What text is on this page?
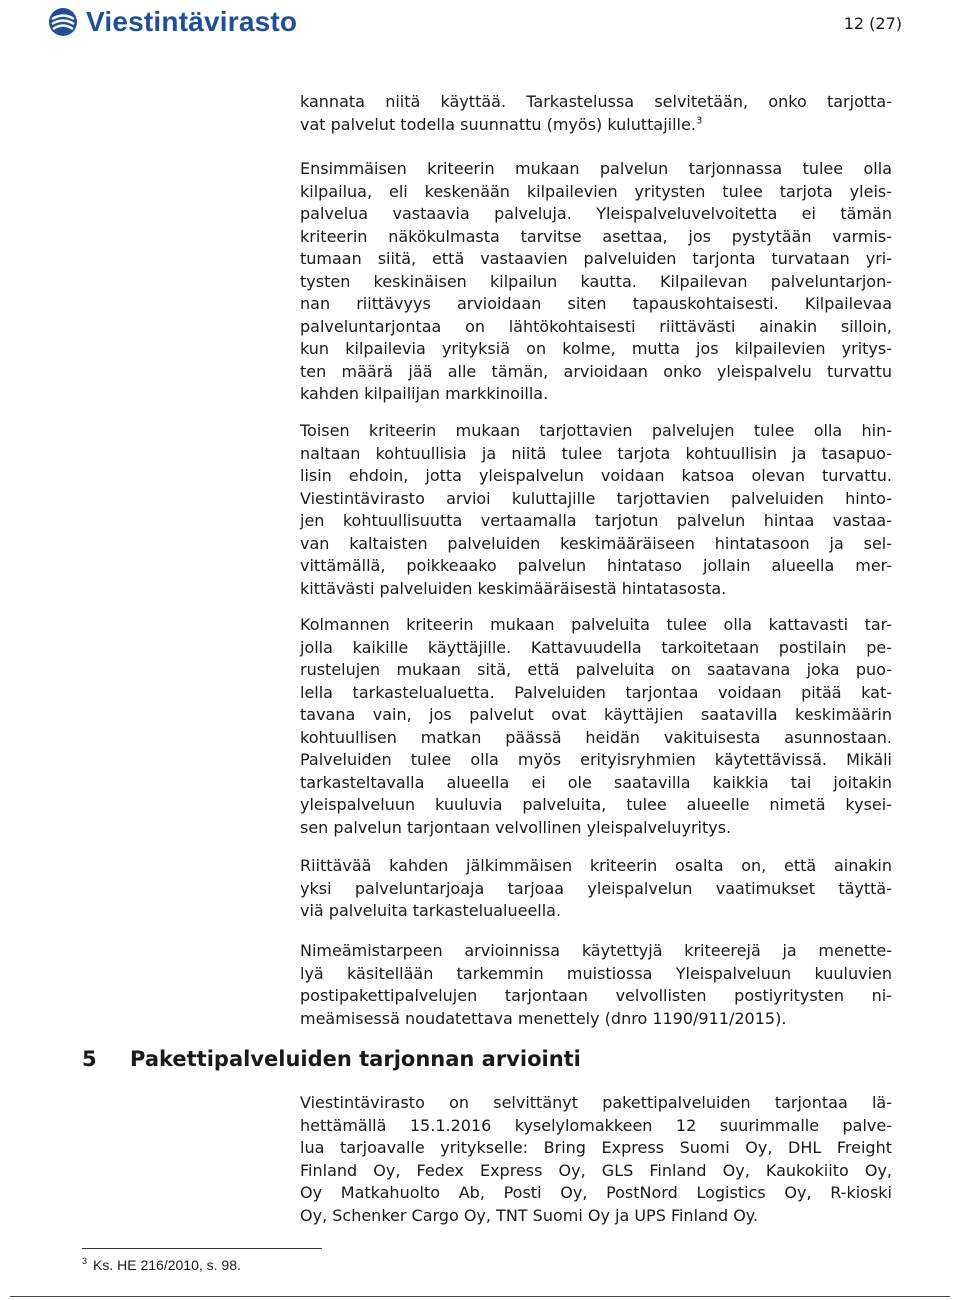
Viestintävirasto	12 (27)
kannata niitä käyttää. Tarkastelussa selvitetään, onko tarjotta-
vat palvelut todella suunnattu (myös) kuluttajille.$^3$
Ensimmäisen kriteerin mukaan palvelun tarjonnassa tulee olla
kilpailua, eli keskenään kilpailevien yritysten tulee tarjota yleis-
palvelua vastaavia palveluja. Yleispalveluvelvoitetta ei tämän
kriteerin näkökulmasta tarvitse asettaa, jos pystytään varmis-
tumaan siitä, että vastaavien palveluiden tarjonta turvataan yri-
tysten keskinäisen kilpailun kautta. Kilpailevan palveluntarjon-
nan riittävyys arvioidaan siten tapauskohtaisesti. Kilpailevaa
palveluntarjontaa on lähtökohtaisesti riittävästi ainakin silloin,
kun kilpailevia yrityksiä on kolme, mutta jos kilpailevien yritys-
ten määrä jää alle tämän, arvioidaan onko yleispalvelu turvattu
kahden kilpailijan markkinoilla.
Toisen kriteerin mukaan tarjottavien palvelujen tulee olla hin-
naltaan kohtuullisia ja niitä tulee tarjota kohtuullisin ja tasapuo-
lisin ehdoin, jotta yleispalvelun voidaan katsoa olevan turvattu.
Viestintävirasto arvioi kuluttajille tarjottavien palveluiden hinto-
jen kohtuullisuutta vertaamalla tarjotun palvelun hintaa vastaa-
van kaltaisten palveluiden keskimääräiseen hintatasoon ja sel-
vittämällä, poikkeaako palvelun hintataso jollain alueella mer-
kittävästi palveluiden keskimääräisestä hintatasosta.
Kolmannen kriteerin mukaan palveluita tulee olla kattavasti tar-
jolla kaikille käyttäjille. Kattavuudella tarkoitetaan postilain pe-
rustelujen mukaan sitä, että palveluita on saatavana joka puo-
lella tarkastelualuetta. Palveluiden tarjontaa voidaan pitää kat-
tavana vain, jos palvelut ovat käyttäjien saatavilla keskimäärin
kohtuullisen matkan päässä heidän vakituisesta asunnostaan.
Palveluiden tulee olla myös erityisryhmien käytettävissä. Mikäli
tarkasteltavalla alueella ei ole saatavilla kaikkia tai joitakin
yleispalveluun kuuluvia palveluita, tulee alueelle nimetä kysei-
sen palvelun tarjontaan velvollinen yleispalveluyritys.
Riittävää kahden jälkimmäisen kriteerin osalta on, että ainakin
yksi palveluntarjoaja tarjoaa yleispalvelun vaatimukset täyttä-
viä palveluita tarkastelualueella.
Nimeämistarpeen arvioinnissa käytettyjä kriteerejä ja menette-
lyä käsitellään tarkemmin muistiossa Yleispalveluun kuuluvien
postipakettipalvelujen tarjontaan velvollisten postiyritysten ni-
meämisessä noudatettava menettely (dnro 1190/911/2015).
5 Pakettipalveluiden tarjonnan arviointi
Viestintävirasto on selvittänyt pakettipalveluiden tarjontaa lä-
hettämällä 15.1.2016 kyselylomakkeen 12 suurimmalle palve-
lua tarjoavalle yritykselle: Bring Express Suomi Oy, DHL Freight
Finland Oy, Fedex Express Oy, GLS Finland Oy, Kaukokiito Oy,
Oy Matkahuolto Ab, Posti Oy, PostNord Logistics Oy, R-kioski
Oy, Schenker Cargo Oy, TNT Suomi Oy ja UPS Finland Oy.
$^3$ Ks. HE 216/2010, s. 98.
